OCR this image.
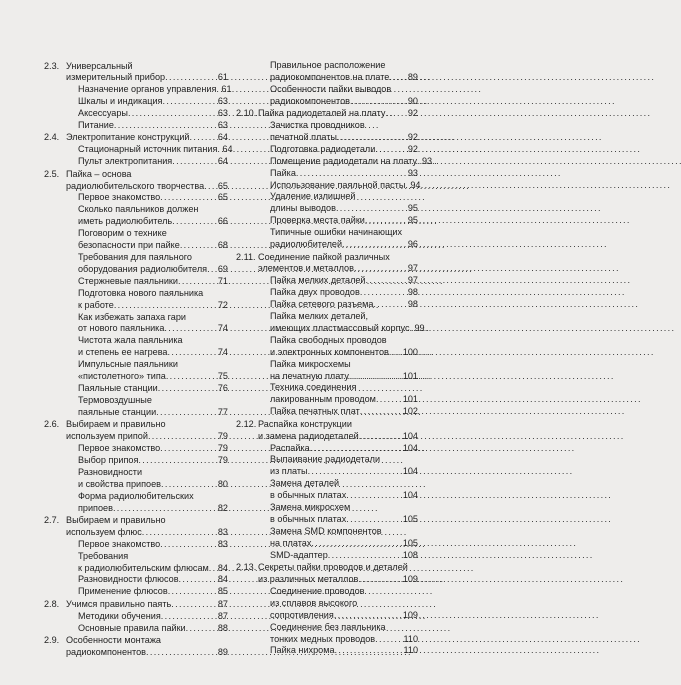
2.3. Универсальный
измерительный прибор . . .	61
Назначение органов управления . . . 61
Шкалы и индикация . . .	63
Аксессуары . . .	63
Питание . . .	63
2.4. Электропитание конструкций . . .	64
Стационарный источник питания . . . 64
Пульт электропитания . . .	64
2.5. Пайка – основа
радиолюбительского творчества . . . 65
Первое знакомство . . .	65
Сколько паяльников должен
иметь радиолюбитель . . .	66
Поговорим о технике
безопасности при пайке . . .	68
Требования для паяльного
оборудования радиолюбителя . . . 69
Стержневые паяльники . . .	71
Подготовка нового паяльника
к работе . . .	72
Как избежать запаха гари
от нового паяльника . . .	74
Чистота жала паяльника
и степень ее нагрева . . .	74
Импульсные паяльники
«пистолетного» типа . . .	75
Паяльные станции . . .	76
Термовоздушные
паяльные станции . . .	77
2.6. Выбираем и правильно
используем припой . . .	79
Первое знакомство . . .	79
Выбор припоя . . .	79
Разновидности
и свойства припоев . . .	80
Форма радиолюбительских
припоев . . .	82
2.7. Выбираем и правильно
используем флюс . . .	83
Первое знакомство . . .	83
Требования
к радиолюбительским флюсам . . . 84
Разновидности флюсов . . .	84
Применение флюсов . . .	85
2.8. Учимся правильно паять . . .	87
Методики обучения . . .	87
Основные правила пайки . . .	88
2.9. Особенности монтажа
радиокомпонентов . . .	89
Правильное расположение
радиокомпонентов на плате . . . 89
Особенности пайки выводов
радиокомпонентов . . .	90
2.10. Пайка радиодеталей на плату . . . 92
Зачистка проводников
печатной платы . . .	92
Подготовка радиодетали . . .	92
Помещение радиодетали на плату . . . 93
Пайка . . .	93
Использование паяльной пасты . . . 94
Удаление излишней
длины выводов . . .	95
Проверка места пайки . . .	95
Типичные ошибки начинающих
радиолюбителей . . .	96
2.11. Соединение пайкой различных
элементов и металлов . . .	97
Пайка мелких деталей . . .	97
Пайка двух проводов . . .	98
Пайка сетевого разъема . . .	98
Пайка мелких деталей,
имеющих пластмассовый корпус . . . 99
Пайка свободных проводов
и электронных компонентов . . . 100
Пайка микросхемы
на печатную плату . . .	101
Техника соединения
лакированным проводом . . .	101
Пайка печатных плат . . .	102
2.12. Распайка конструкции
и замена радиодеталей . . .	104
Распайка . . .	104
Выпаивание радиодетали
из платы . . .	104
Замена деталей
в обычных платах . . .	104
Замена микросхем
в обычных платах . . .	105
Замена SMD компонентов
на платах . . .	105
SMD-адаптер . . .	108
2.13. Секреты пайки проводов и деталей
из различных металлов . . .	109
Соединение проводов
из сплавов высокого
сопротивления . . .	109
Соединение без паяльника
тонких медных проводов . . .	110
Пайка нихрома . . .	110
